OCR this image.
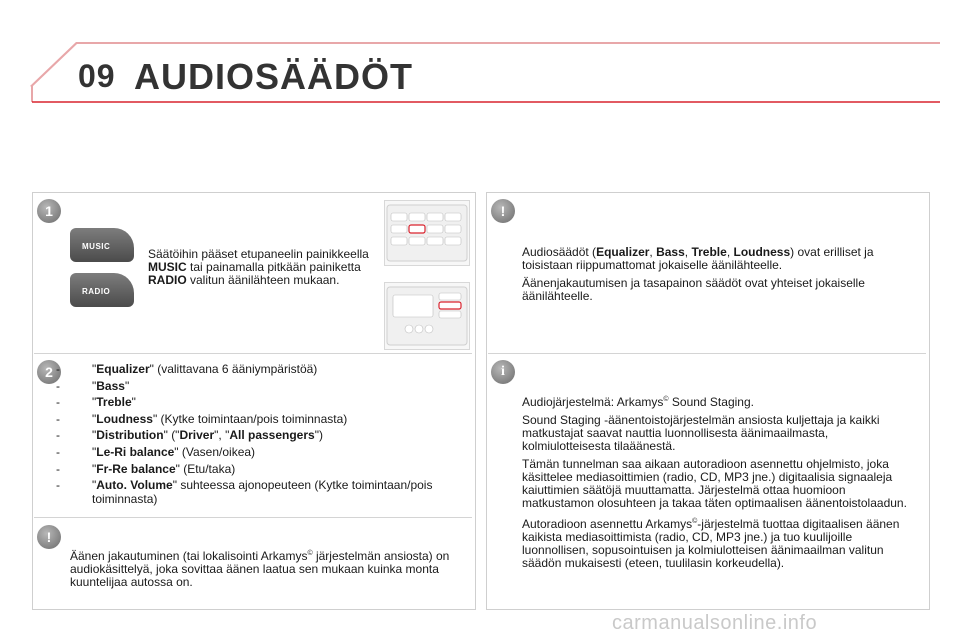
09 AUDIOSÄÄDÖT
1
MUSIC
RADIO
Säätöihin pääset etupaneelin painikkeella MUSIC tai painamalla pitkään painiketta RADIO valitun äänilähteen mukaan.
2 -	"Equalizer" (valittavana 6 ääniympäristöä)
-	"Bass"
-	"Treble"
-	"Loudness" (Kytke toimintaan/pois toiminnasta)
-	"Distribution" ("Driver", "All passengers")
-	"Le-Ri balance" (Vasen/oikea)
-	"Fr-Re balance" (Etu/taka)
-	"Auto. Volume" suhteessa ajonopeuteen (Kytke toimintaan/pois toiminnasta)
!
Äänen jakautuminen (tai lokalisointi Arkamys© järjestelmän ansiosta) on audiokäsittelyä, joka sovittaa äänen laatua sen mukaan kuinka monta kuuntelijaa autossa on.
!

Audiosäädöt (Equalizer, Bass, Treble, Loudness) ovat erilliset ja toisistaan riippumattomat jokaiselle äänilähteelle.

Äänenjakautumisen ja tasapainon säädöt ovat yhteiset jokaiselle äänilähteelle.

i

Audiojärjestelmä: Arkamys© Sound Staging.

Sound Staging -äänentoistojärjestelmän ansiosta kuljettaja ja kaikki matkustajat saavat nauttia luonnollisesta äänimaailmasta, kolmiulotteisesta tilaäänestä.

Tämän tunnelman saa aikaan autoradioon asennettu ohjelmisto, joka käsittelee mediasoittimien (radio, CD, MP3 jne.) digitaalisia signaaleja kaiuttimien säätöjä muuttamatta. Järjestelmä ottaa huomioon matkustamon olosuhteen ja takaa täten optimaalisen äänentoistolaadun.

Autoradioon asennettu Arkamys©-järjestelmä tuottaa digitaalisen äänen kaikista mediasoittimista (radio, CD, MP3 jne.) ja tuo kuulijoille luonnollisen, sopusointuisen ja kolmiulotteisen äänimaailman valitun säädön mukaisesti (eteen, tuulilasin korkeudella).

carmanualsonline.info
